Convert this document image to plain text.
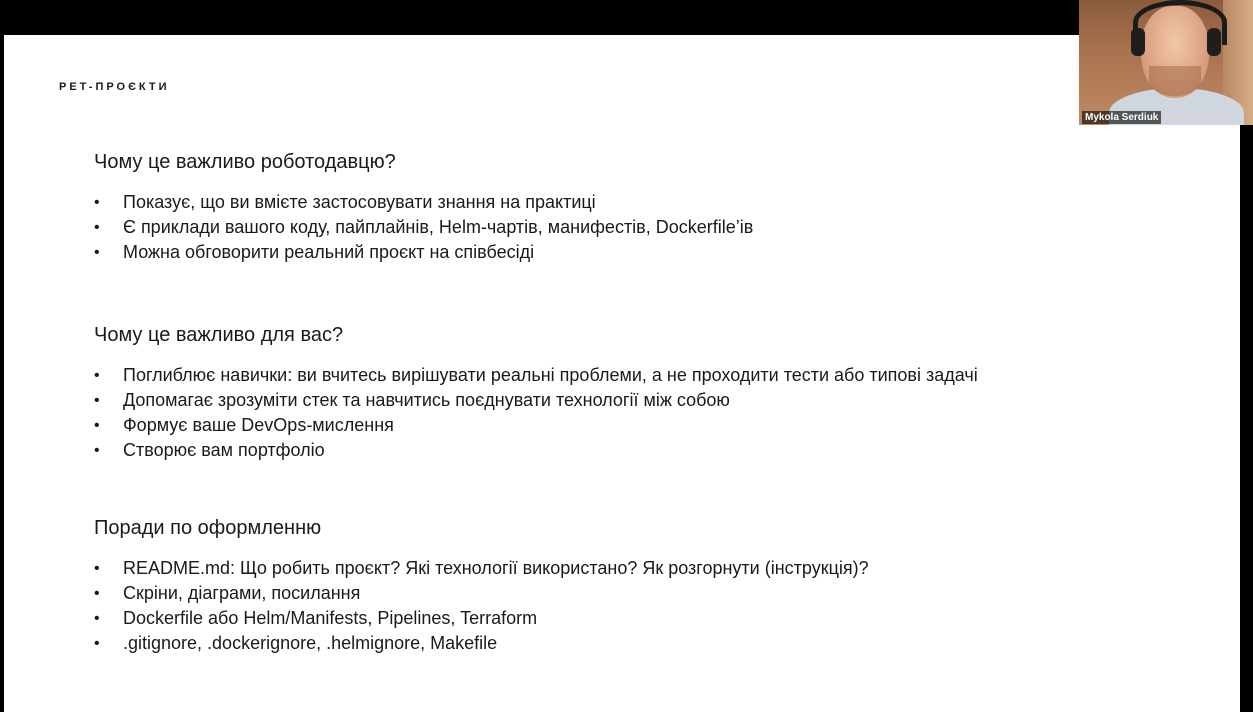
PET-ПРОЄКТИ
Чому це важливо роботодавцю?
• Показує, що ви вмієте застосовувати знання на практиці
• Є приклади вашого коду, пайплайнів, Helm-чартів, манифестів, Dockerfile’ів
• Можна обговорити реальний проєкт на співбесіді
Чому це важливо для вас?
• Поглиблює навички: ви вчитесь вирішувати реальні проблеми, а не проходити тести або типові задачі
• Допомагає зрозуміти стек та навчитись поєднувати технології між собою
• Формує ваше DevOps-мислення
• Створює вам портфоліо
Поради по оформленню
• README.md: Що робить проєкт? Які технології використано? Як розгорнути (інструкція)?
• Скріни, діаграми, посилання
• Dockerfile або Helm/Manifests, Pipelines, Terraform
• .gitignore, .dockerignore, .helmignore, Makefile
Mykola Serdiuk
